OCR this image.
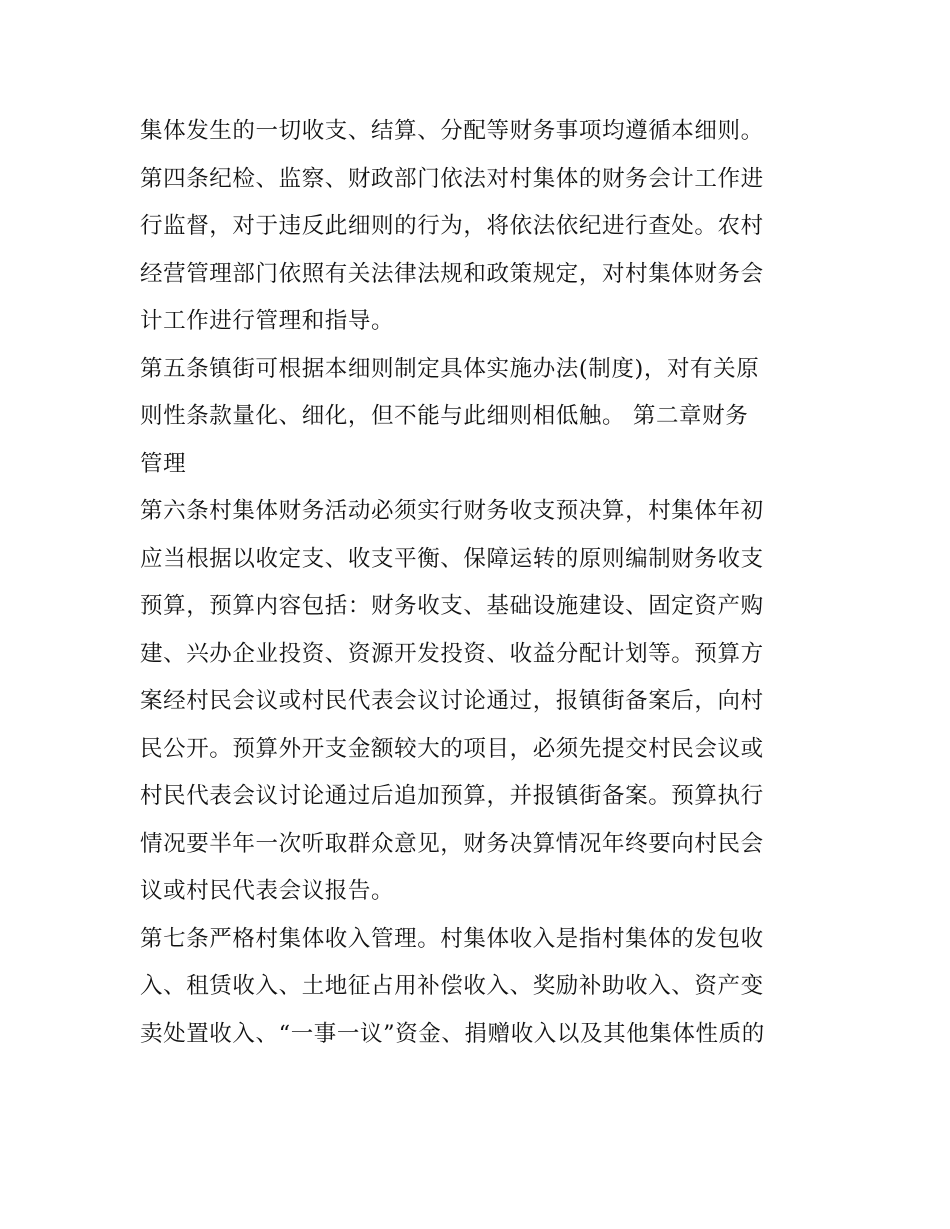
集体发生的一切收支、结算、分配等财务事项均遵循本细则。
第四条纪检、监察、财政部门依法对村集体的财务会计工作进
行监督，对于违反此细则的行为，将依法依纪进行查处。农村
经营管理部门依照有关法律法规和政策规定，对村集体财务会
计工作进行管理和指导。
第五条镇街可根据本细则制定具体实施办法(制度)，对有关原
则性条款量化、细化，但不能与此细则相低触。 第二章财务
管理
第六条村集体财务活动必须实行财务收支预决算，村集体年初
应当根据以收定支、收支平衡、保障运转的原则编制财务收支
预算，预算内容包括：财务收支、基础设施建设、固定资产购
建、兴办企业投资、资源开发投资、收益分配计划等。预算方
案经村民会议或村民代表会议讨论通过，报镇街备案后，向村
民公开。预算外开支金额较大的项目，必须先提交村民会议或
村民代表会议讨论通过后追加预算，并报镇街备案。预算执行
情况要半年一次听取群众意见，财务决算情况年终要向村民会
议或村民代表会议报告。
第七条严格村集体收入管理。村集体收入是指村集体的发包收
入、租赁收入、土地征占用补偿收入、奖励补助收入、资产变
卖处置收入、“一事一议”资金、捐赠收入以及其他集体性质的
